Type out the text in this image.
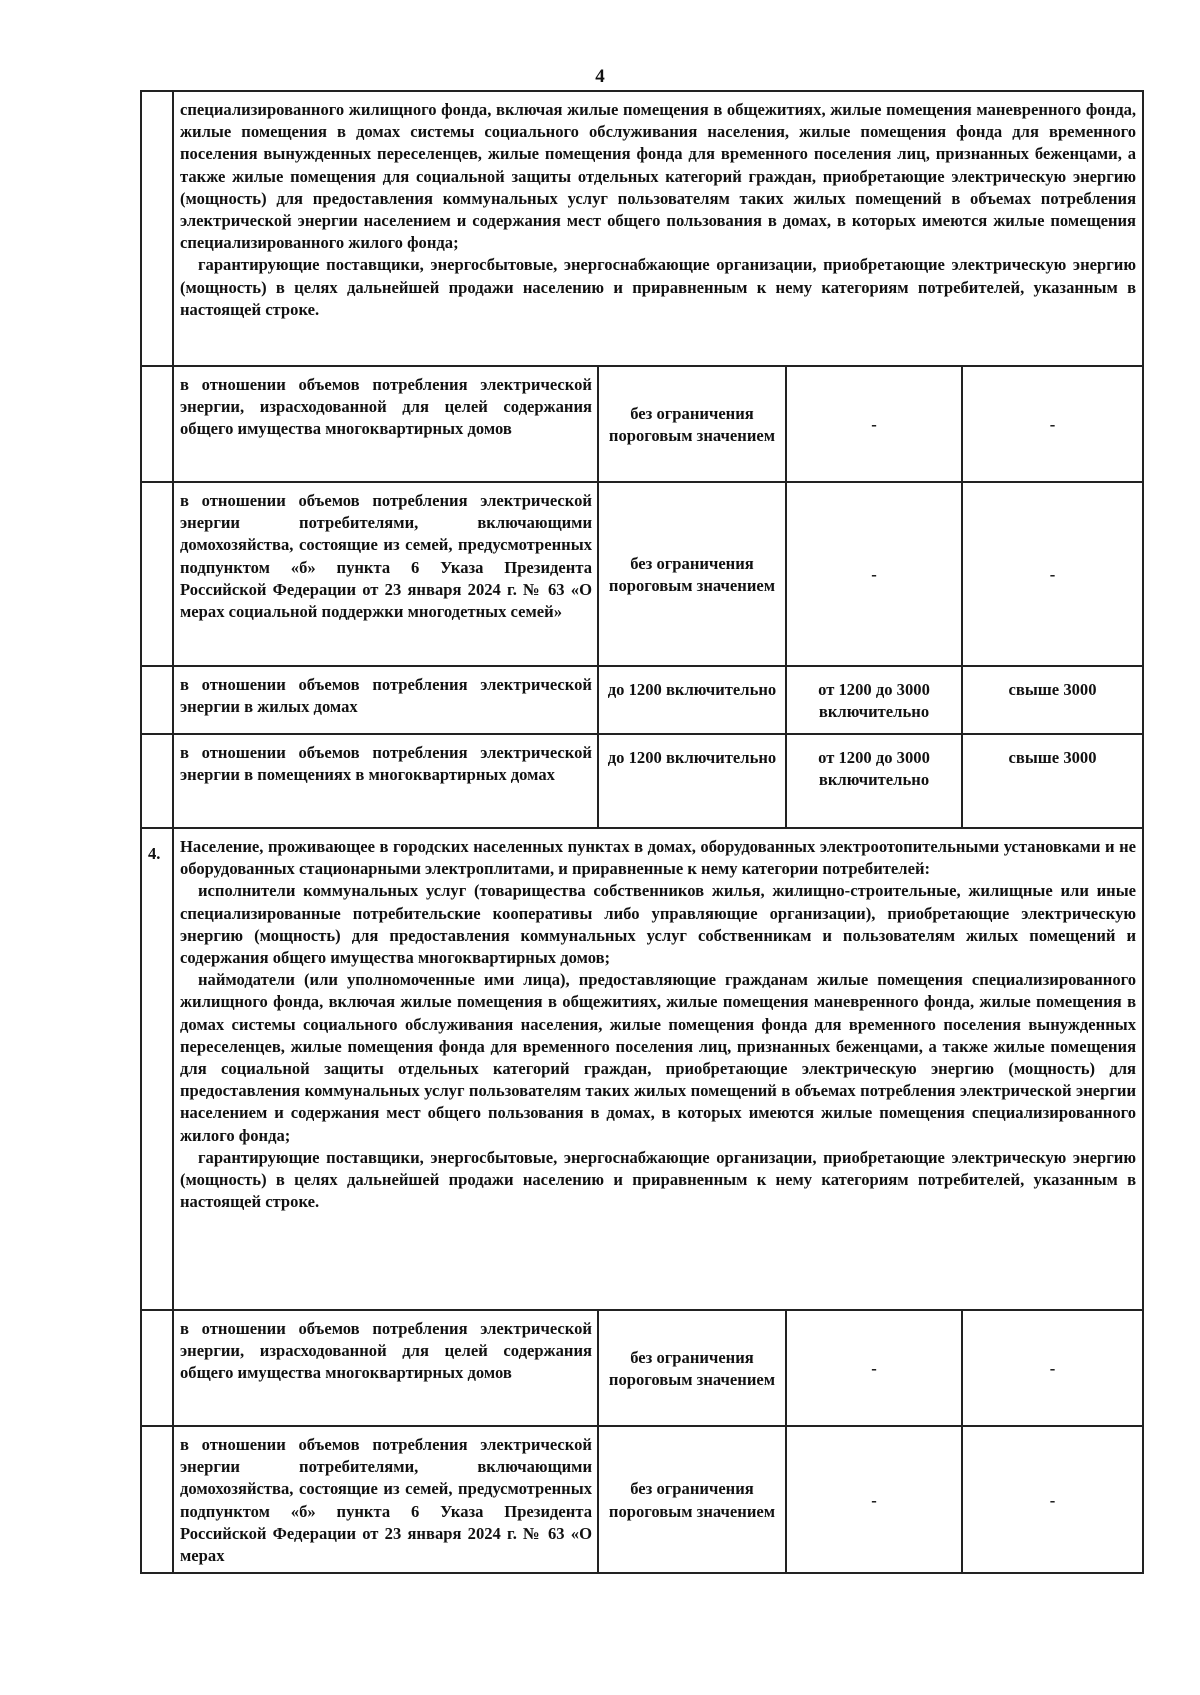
4

	специализированного жилищного фонда, включая жилые помещения в общежитиях, жилые помещения маневренного фонда, жилые помещения в домах системы социального обслуживания населения, жилые помещения фонда для временного поселения вынужденных переселенцев, жилые помещения фонда для временного поселения лиц, признанных беженцами, а также жилые помещения для социальной защиты отдельных категорий граждан, приобретающие электрическую энергию (мощность) для предоставления коммунальных услуг пользователям таких жилых помещений в объемах потребления электрической энергии населением и содержания мест общего пользования в домах, в которых имеются жилые помещения специализированного жилого фонда;

гарантирующие поставщики, энергосбытовые, энергоснабжающие организации, приобретающие электрическую энергию (мощность) в целях дальнейшей продажи населению и приравненным к нему категориям потребителей, указанным в настоящей строке.			

	в отношении объемов потребления электрической энергии, израсходованной для целей содержания общего имущества многоквартирных домов	без ограничения пороговым значением	-	-
	в отношении объемов потребления электрической энергии потребителями, включающими домохозяйства, состоящие из семей, предусмотренных подпунктом «б» пункта 6 Указа Президента Российской Федерации от 23 января 2024 г. № 63 «О мерах социальной поддержки многодетных семей»	без ограничения пороговым значением	-	-
	в отношении объемов потребления электрической энергии в жилых домах	до 1200 включительно	от 1200 до 3000 включительно	свыше 3000
	в отношении объемов потребления электрической энергии в помещениях в многоквартирных домах	до 1200 включительно	от 1200 до 3000 включительно	свыше 3000
4.	Население, проживающее в городских населенных пунктах в домах, оборудованных электроотопительными установками и не оборудованных стационарными электроплитами, и приравненные к нему категории потребителей:

исполнители коммунальных услуг (товарищества собственников жилья, жилищно-строительные, жилищные или иные специализированные потребительские кооперативы либо управляющие организации), приобретающие электрическую энергию (мощность) для предоставления коммунальных услуг собственникам и пользователям жилых помещений и содержания общего имущества многоквартирных домов;

наймодатели (или уполномоченные ими лица), предоставляющие гражданам жилые помещения специализированного жилищного фонда, включая жилые помещения в общежитиях, жилые помещения маневренного фонда, жилые помещения в домах системы социального обслуживания населения, жилые помещения фонда для временного поселения вынужденных переселенцев, жилые помещения фонда для временного поселения лиц, признанных беженцами, а также жилые помещения для социальной защиты отдельных категорий граждан, приобретающие электрическую энергию (мощность) для предоставления коммунальных услуг пользователям таких жилых помещений в объемах потребления электрической энергии населением и содержания мест общего пользования в домах, в которых имеются жилые помещения специализированного жилого фонда;

гарантирующие поставщики, энергосбытовые, энергоснабжающие организации, приобретающие электрическую энергию (мощность) в целях дальнейшей продажи населению и приравненным к нему категориям потребителей, указанным в настоящей строке.			

	в отношении объемов потребления электрической энергии, израсходованной для целей содержания общего имущества многоквартирных домов	без ограничения пороговым значением	-	-
	в отношении объемов потребления электрической энергии потребителями, включающими домохозяйства, состоящие из семей, предусмотренных подпунктом «б» пункта 6 Указа Президента Российской Федерации от 23 января 2024 г. № 63 «О мерах	без ограничения пороговым значением	-	-
